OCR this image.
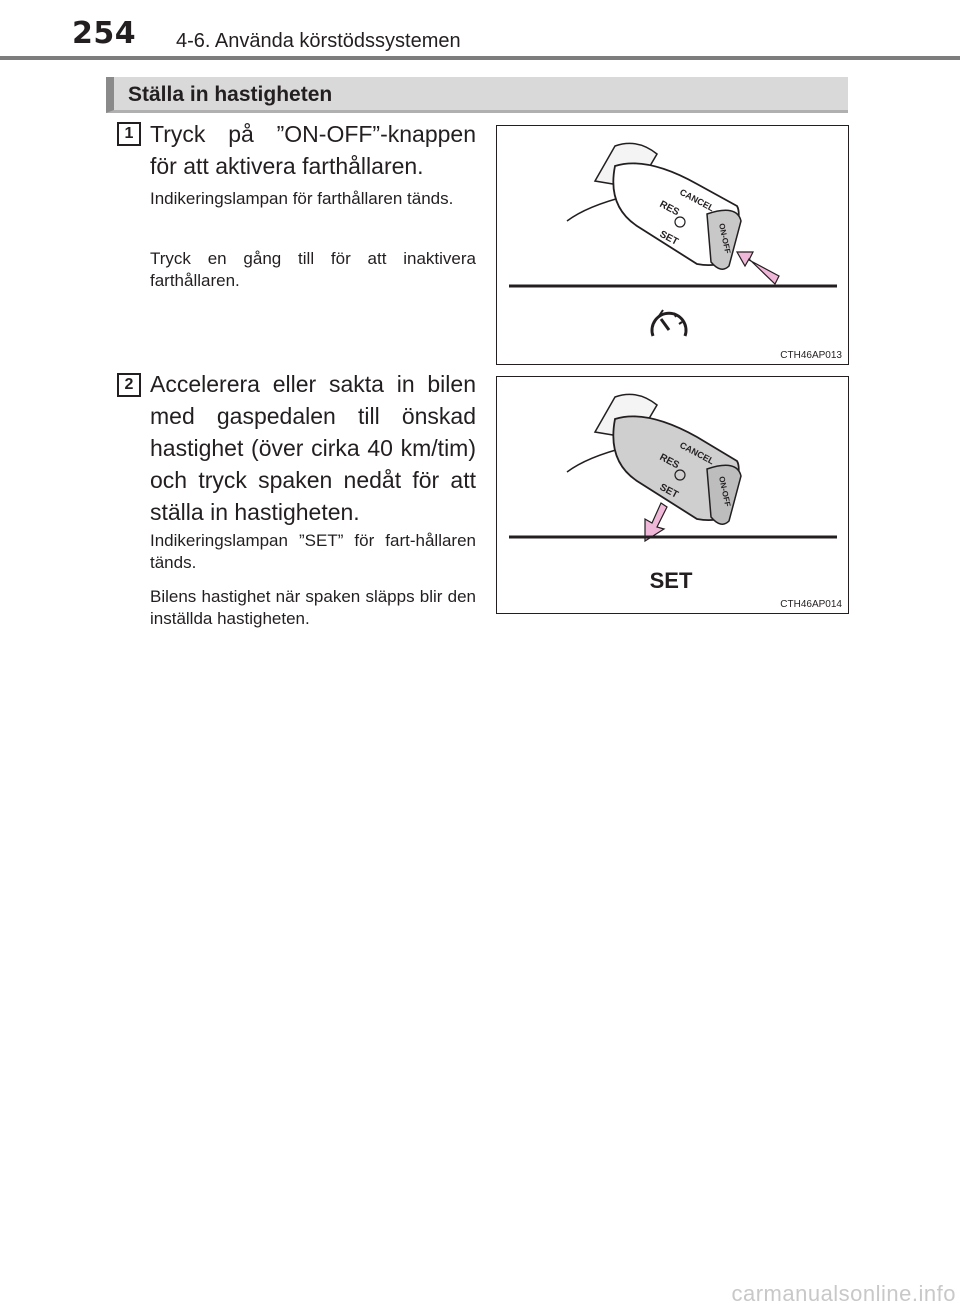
254 4-6. Använda körstödssystemen
Ställa in hastigheten
1 Tryck på ”ON-OFF”-knappen för att aktivera farthållaren.
Indikeringslampan för farthållaren tänds.
Tryck en gång till för att inaktivera farthållaren.
CANCEL
RES
SET	ON-OFF
CTH46AP013
2 Accelerera eller sakta in bilen med gaspedalen till önskad hastighet (över cirka 40 km/tim) och tryck spaken nedåt för att ställa in hastigheten.
Indikeringslampan ”SET” för fart-hållaren tänds.
Bilens hastighet när spaken släpps blir den inställda hastigheten.
CANCEL
RES
SET	ON-OFF
SET
CTH46AP014
carmanualsonline.info
